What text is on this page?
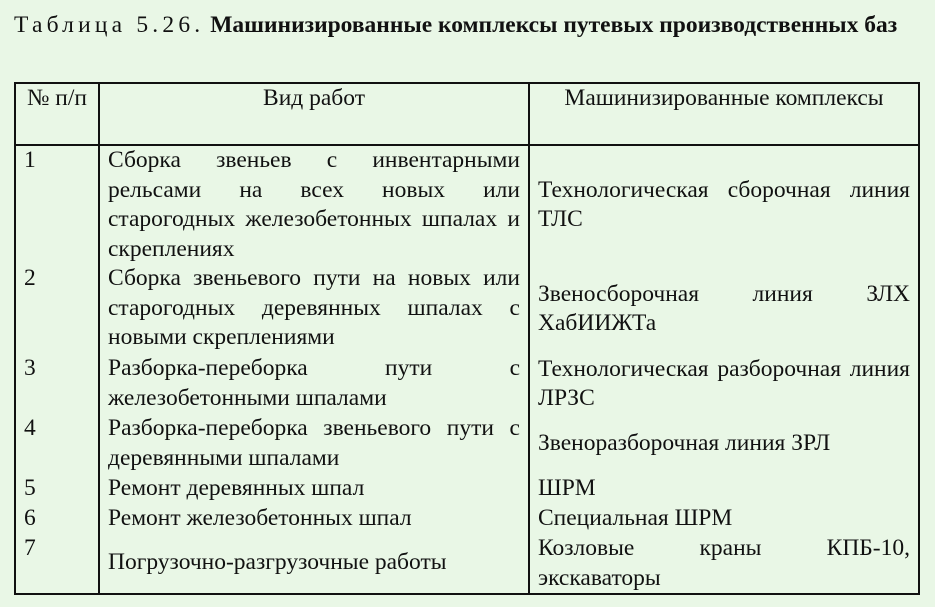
Таблица 5.26. Машинизированные комплексы путевых производственных баз
№ п/п	Вид работ	Машинизированные комплексы
1	Сборка звеньев с инвентарными рельсами на всех новых или старогодных железобетонных шпалах и скреплениях	Технологическая сборочная линия ТЛС
2	Сборка звеньевого пути на новых или старогодных деревянных шпалах с новыми скреплениями	Звеносборочная линия ЗЛХ ХабИИЖТа
3	Разборка-переборка пути с железобетонными шпалами	Технологическая разборочная линия ЛРЗС
4	Разборка-переборка звеньевого пути с деревянными шпалами	Звеноразборочная линия ЗРЛ
5	Ремонт деревянных шпал	ШРМ
6	Ремонт железобетонных шпал	Специальная ШРМ
7	Погрузочно-разгрузочные работы	Козловые краны КПБ-10, экскаваторы
